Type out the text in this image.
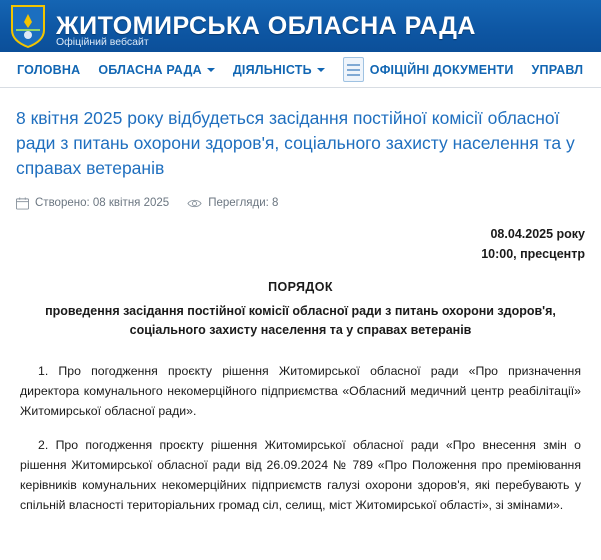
ЖИТОМИРСЬКА ОБЛАСНА РАДА
Офіційний вебсайт
ГОЛОВНА ОБЛАСНА РАДА ДІЯЛЬНІСТЬ	ОФІЦІЙНІ ДОКУМЕНТИ УПРАВЛ
8 квітня 2025 року відбудеться засідання постійної комісії обласної ради з питань охорони здоров'я, соціального захисту населення та у справах ветеранів
Створено: 08 квітня 2025	Перегляди: 8
08.04.2025 року
10:00, пресцентр
ПОРЯДОК
проведення засідання постійної комісії обласної ради з питань охорони здоров'я, соціального захисту населення та у справах ветеранів

1. Про погодження проєкту рішення Житомирської обласної ради «Про призначення директора комунального некомерційного підприємства «Обласний медичний центр реабілітації» Житомирської обласної ради».

2. Про погодження проєкту рішення Житомирської обласної ради «Про внесення змін о рішення Житомирської обласної ради від 26.09.2024 № 789 «Про Положення про преміювання керівників комунальних некомерційних підприємств галузі охорони здоров'я, які перебувають у спільній власності територіальних громад сіл, селищ, міст Житомирської області», зі змінами».
